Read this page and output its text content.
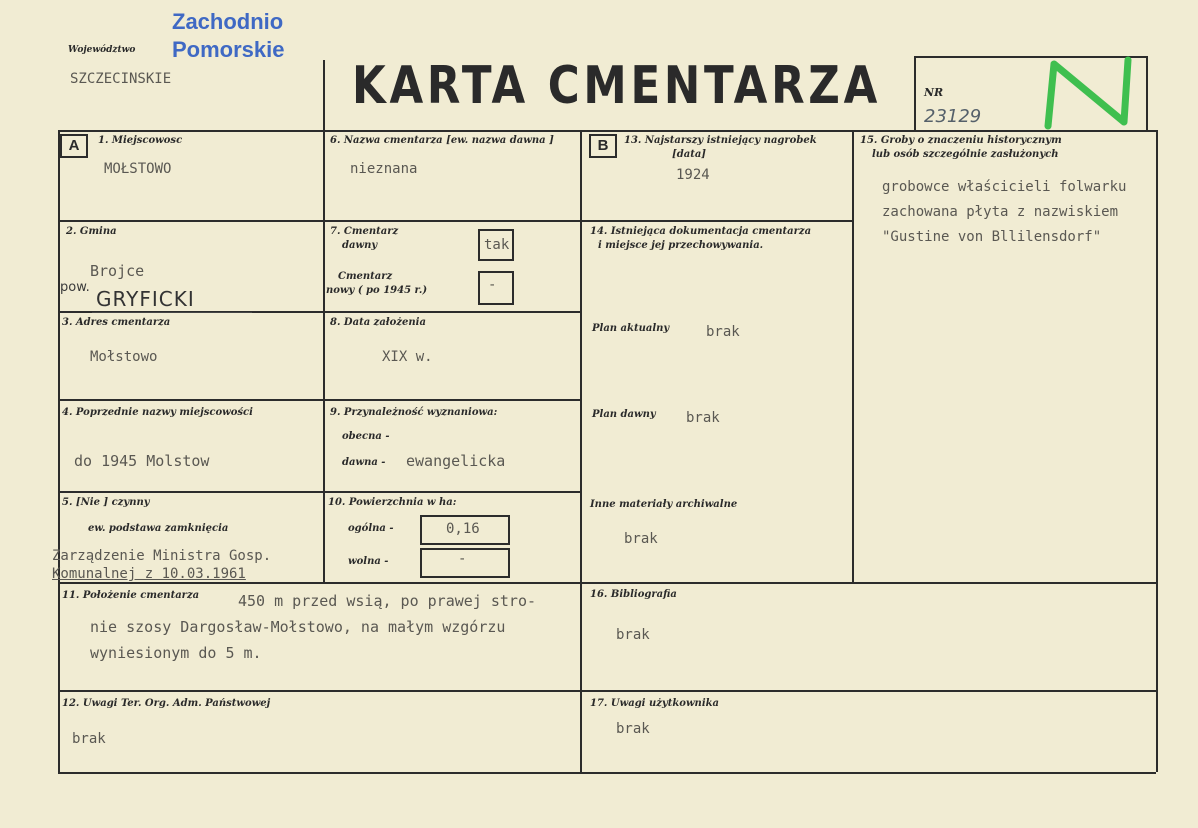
Zachodnio
Pomorskie
Województwo
SZCZECINSKIE	KARTA CMENTARZA	NR
23129
A	B
1. Miejscowosc
MOŁSTOWO
2. Gmina
Brojce
pow. GRYFICKI
3. Adres cmentarza
Mołstowo
4. Poprzednie nazwy miejscowości
do 1945 Molstow
5. [Nie ] czynny
ew. podstawa zamknięcia
Zarządzenie Ministra Gosp.
Komunalnej z 10.03.1961
6. Nazwa cmentarza [ew. nazwa dawna ]
nieznana
7. Cmentarz
dawny	tak
Cmentarz
nowy ( po 1945 r.)	-
8. Data założenia
XIX w.
9. Przynależność wyznaniowa:
obecna -
dawna - ewangelicka
10. Powierzchnia w ha:
ogólna -	0,16
wolna -	-
11. Położenie cmentarza	450 m przed wsią, po prawej stro-
nie szosy Dargosław-Mołstowo, na małym wzgórzu
wyniesionym do 5 m.
12. Uwagi Ter. Org. Adm. Państwowej
brak
13. Najstarszy istniejący nagrobek
[data]
1924
14. Istniejąca dokumentacja cmentarza
i miejsce jej przechowywania.
Plan aktualny	brak
Plan dawny brak
Inne materiały archiwalne
brak
15. Groby o znaczeniu historycznym
lub osób szczególnie zasłużonych
grobowce właścicieli folwarku
zachowana płyta z nazwiskiem
"Gustine von Bllilensdorf"
16. Bibliografia
brak
17. Uwagi użytkownika
brak
